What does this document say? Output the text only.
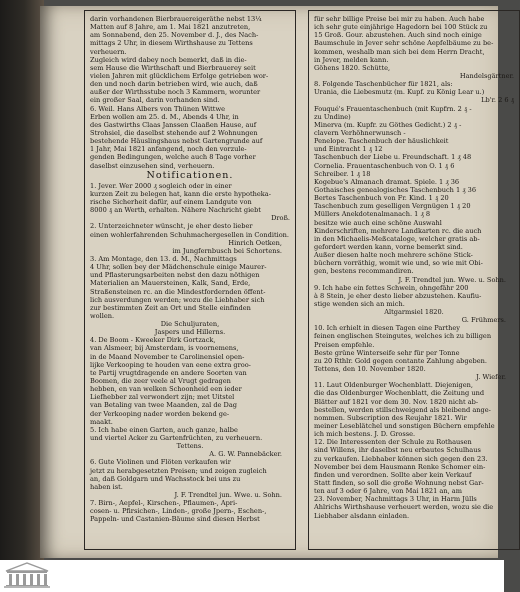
darin vorhandenen Bierbrauereigeräthe nebst 13¼
Matten auf 8 Jahre, am 1. Mai 1821 anzutreten,
am Sonnabend, den 25. November d. J., des Nach-
mittags 2 Uhr, in diesem Wirthshause zu Tettens
verheuern.
Zugleich wird dabey noch bemerkt, daß in die-
sem Hause die Wirthschaft und Bierbrauerey seit
vielen Jahren mit glücklichem Erfolge getrieben wor-
den und noch darin betrieben wird, wie auch, daß
außer der Wirthsstube noch 3 Kammern, worunter
ein großer Saal, darin vorhanden sind.
6. Weil. Hans Albers von Thünen Wittwe
Erben wollen am 25. d. M., Abends 4 Uhr, in
des Gastwirths Claas Janssen Claaßen Hause, auf
Strohsiel, die daselbst stehende auf 2 Wohnungen
bestehende Häuslingshaus nebst Gartengrunde auf
1 Jahr, Mai 1821 anfangend, noch den vorzule-
genden Bedingungen, welche auch 8 Tage vorher
daselbst einzusehen sind, verheuern.
Notificationen.
1. Jever. Wer 2000 ₰ sogleich oder in einer
kurzen Zeit zu belegen hat, kann die erste hypotheka-
rische Sicherheit dafür, auf einem Landgute von
8000 ₰ an Werth, erhalten. Nähere Nachricht giebt
Droß.
2. Unterzeichneter wünscht, je eher desto lieber
einen wohlerfahrenden Schuhmachergesellen in Condition.
Hinrich Oetken,
im Jungfernbusch bei Schortens.
3. Am Montage, den 13. d. M., Nachmittags
4 Uhr, sollen bey der Mädchenschule einige Maurer-
und Pflasterungsarbeiten nebst den dazu nöthigen
Materialien an Mauersteinen, Kalk, Sand, Erde,
Straßensteinen rc. an die Mindestfordernden öffent-
lich ausverdungen werden; wozu die Liebhaber sich
zur bestimmten Zeit an Ort und Stelle einfinden
wollen.
Die Schuljuraten,
Jaspers und Hillerns.
4. De Boom - Kweeker Dirk Gortzack,
van Alsmeer, bij Amsterdam, is voornemens,
in de Maand November te Carolinensiel open-
lijke Verkooping te houden van eene extra groo-
te Partij vrugtdragende en andere Soorten van
Boomen, die zeer veele al Vrugt gedragen
hebben, en van welken Schoonheid een ieder
Liefhebber zal verwondert zijn; met Uitstel
van Betaling van twee Maanden, zal de Dag
der Verkooping nader worden bekend ge-
maakt.
5. Ich habe einen Garten, auch ganze, halbe
und viertel Acker zu Gartenfrüchten, zu verheuern.
Tettens.
A. G. W. Pannebäcker.
6. Gute Violinen und Flöten verkaufen wir
jetzt zu herabgesetzten Preisen; und zeigen zugleich
an, daß Goldgarn und Wachsstock bei uns zu
haben ist.
J. F. Trendtel jun. Wwe. u. Sohn.
7. Birn-, Aepfel-, Kirschen-, Pflaumen-, Apri-
cosen- u. Pfirsichen-, Linden-, große Jpern-, Eschen-,
Pappeln- und Castanien-Bäume sind diesen Herbst
für sehr billige Preise bei mir zu haben. Auch habe
ich sehr gute einjährige Hagedorn bei 100 Stück zu
15 Groß. Gour. abzustehen. Auch sind noch einige
Baumschule in Jever sehr schöne Aepfelbäume zu be-
kommen, weshalb man sich bei dem Herrn Dracht,
in Jever, melden kann.
Göhens 1820. Schütte,
Handelsgärtner.
8. Folgende Taschenbücher für 1821, als:
Urania, die Liebesmutz (m. Kupf. zu König Lear u.)
Lb'r. 2 6 ₰
Fouqué's Frauentaschenbuch (mit Kupfrn. 2 ₰ -
zu Undine)
Minerva (m. Kupfr. zu Göthes Gedicht.) 2 ₰ -
clavern Verhöhnerwunsch -
Penelope. Taschenbuch der häuslichkeit
und Eintracht 1 ₰ 12
Taschenbuch der Liebe u. Freundschaft. 1 ₰ 48
Cornelia. Frauentaschenbuch von O. 1 ₰ 6
Schreiber. 1 ₰ 18
Kogebue's Almanach dramat. Spiele. 1 ₰ 36
Gothaisches genealogisches Taschenbuch 1 ₰ 36
Bertes Taschenbuch von Fr. Kind. 1 ₰ 20
Taschenbuch zum geselligen Vergnügen 1 ₰ 20
Müllers Anekdotenalmanach. 1 ₰ 8
besitze wie auch eine schöne Auswahl
Kinderschriften, mehrere Landkarten rc. die auch
in den Michaelis-Meßcataloge, welcher gratis ab-
gefordert werden kann, vorne bemerkt sind.
Außer diesen halte noch mehrere schöne Stick-
büchern vorräthig, womit wie und, so wie mit Obi-
gen, bestens recommandiren.
J. F. Trendtel jun. Wwe. u. Sohn.
9. Ich habe ein fettes Schwein, ohngefähr 200
à 8 Stein, je eher desto lieber abzustehen. Kaufiu-
stige wenden sich an mich.
Altgarmsiel 1820.
G. Frühmers.
10. Ich erhielt in diesen Tagen eine Parthey
feinen englischen Steingutes, welches ich zu billigen
Preisen empfehle.
Beste grüne Winterseife sehr für per Tonne
zu 20 Rthlr. Gold gegen contante Zahlung abgeben.
Tettens, den 10. November 1820.
J. Wiefer.
11. Laut Oldenburger Wochenblatt. Diejenigen,
die das Oldenburger Wochenblatt, die Zeitung und
Blätter auf 1821 vor dem 30. Nov. 1820 nicht ab-
bestellen, werden stillschweigend als bleibend ange-
nommen. Subscription des Reujahr 1821. Wir
meiner Leseblätchel und sonstigen Büchern empfehle
ich mich bestens. J. D. Grosse.
12. Die Interessenten der Schule zu Rothausen
sind Willens, ihr daselbst neu erbautes Schulhaus
zu verkaufen. Liebhaber können sich gegen den 23.
November bei dem Hausmann Renke Schomer ein-
finden und verordnen. Sollte aber kein Verkauf
Statt finden, so soll die große Wohnung nebst Gar-
ten auf 3 oder 6 Jahre, von Mai 1821 an, am
23. November, Nachmittags 3 Uhr, in Harm Jülls
Ahlrichs Wirthshause verheuert werden, wozu sie die
Liebhaber alsdann einladen.
